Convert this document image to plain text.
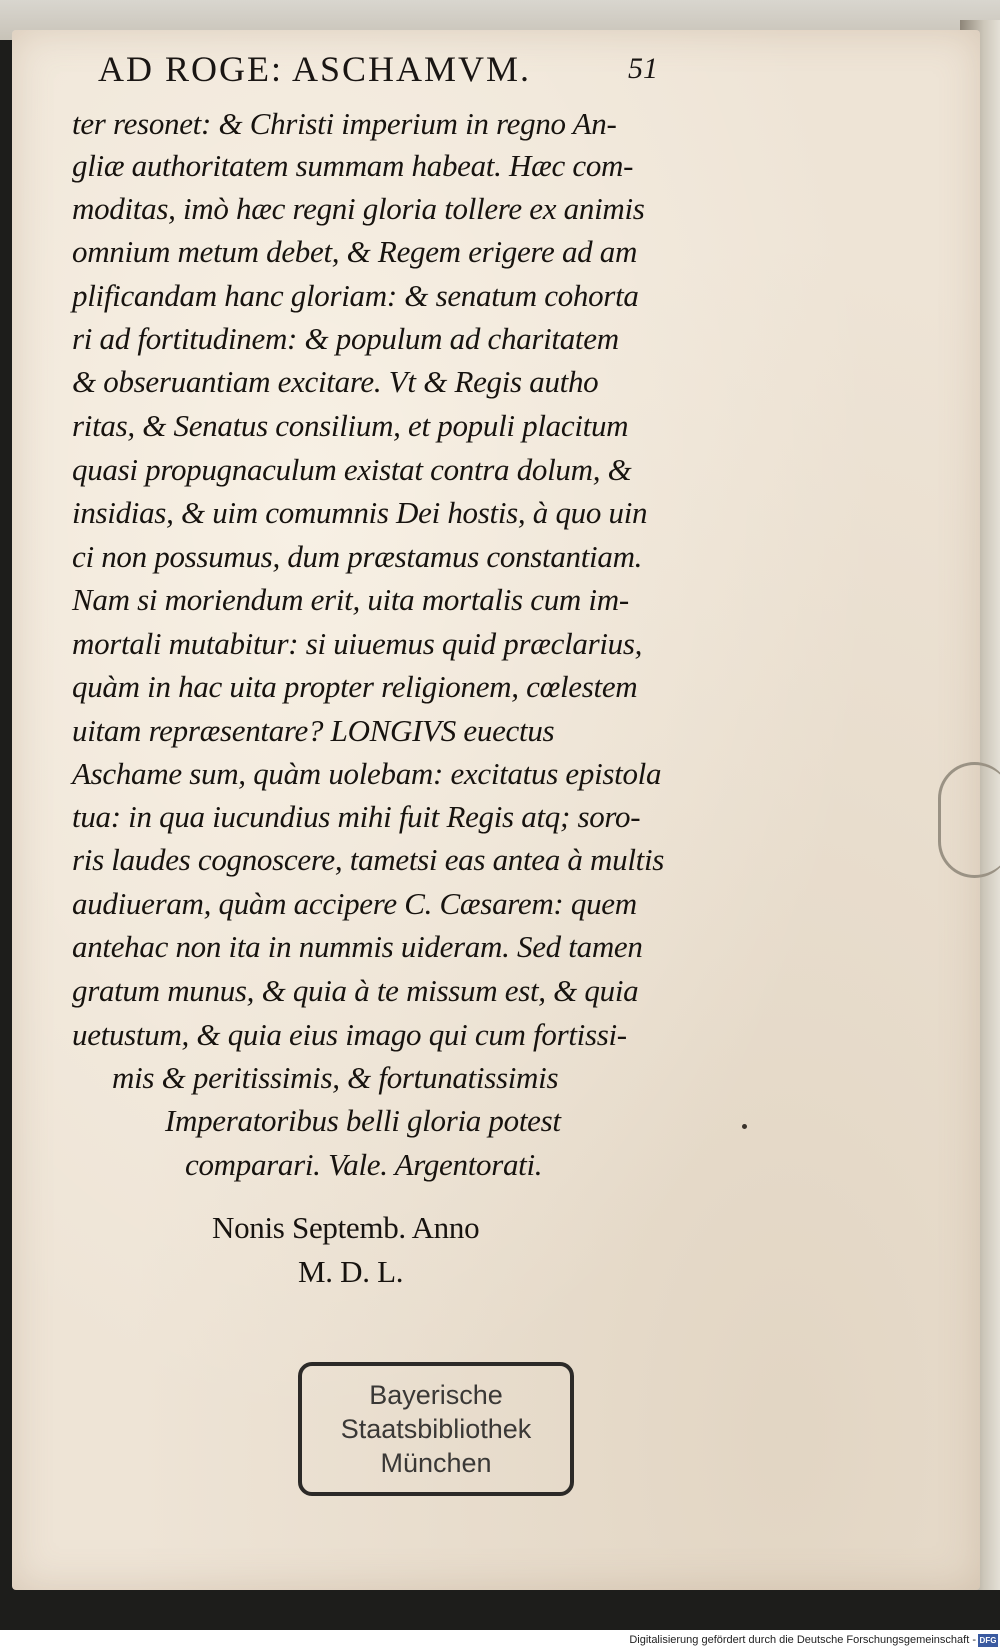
AD ROGE: ASCHAMVM.	51
ter resonet: & Christi imperium in regno An-
gliæ authoritatem summam habeat. Hæc com-
moditas, imò hæc regni gloria tollere ex animis
omnium metum debet, & Regem erigere ad am
plificandam hanc gloriam: & senatum cohorta
ri ad fortitudinem: & populum ad charitatem
& obseruantiam excitare. Vt & Regis autho
ritas, & Senatus consilium, et populi placitum
quasi propugnaculum existat contra dolum, &
insidias, & uim comumnis Dei hostis, à quo uin
ci non possumus, dum præstamus constantiam.
Nam si moriendum erit, uita mortalis cum im-
mortali mutabitur: si uiuemus quid præclarius,
quàm in hac uita propter religionem, cœlestem
uitam repræsentare? LONGIVS euectus
Aschame sum, quàm uolebam: excitatus epistola
tua: in qua iucundius mihi fuit Regis atq; soro-
ris laudes cognoscere, tametsi eas antea à multis
audiueram, quàm accipere C. Cæsarem: quem
antehac non ita in nummis uideram. Sed tamen
gratum munus, & quia à te missum est, & quia
uetustum, & quia eius imago qui cum fortissi-
mis & peritissimis, & fortunatissimis
Imperatoribus belli gloria potest
comparari. Vale. Argentorati.
Nonis Septemb. Anno
M. D. L.
Bayerische
Staatsbibliothek
München
Digitalisierung gefördert durch die Deutsche Forschungsgemeinschaft - DFG
